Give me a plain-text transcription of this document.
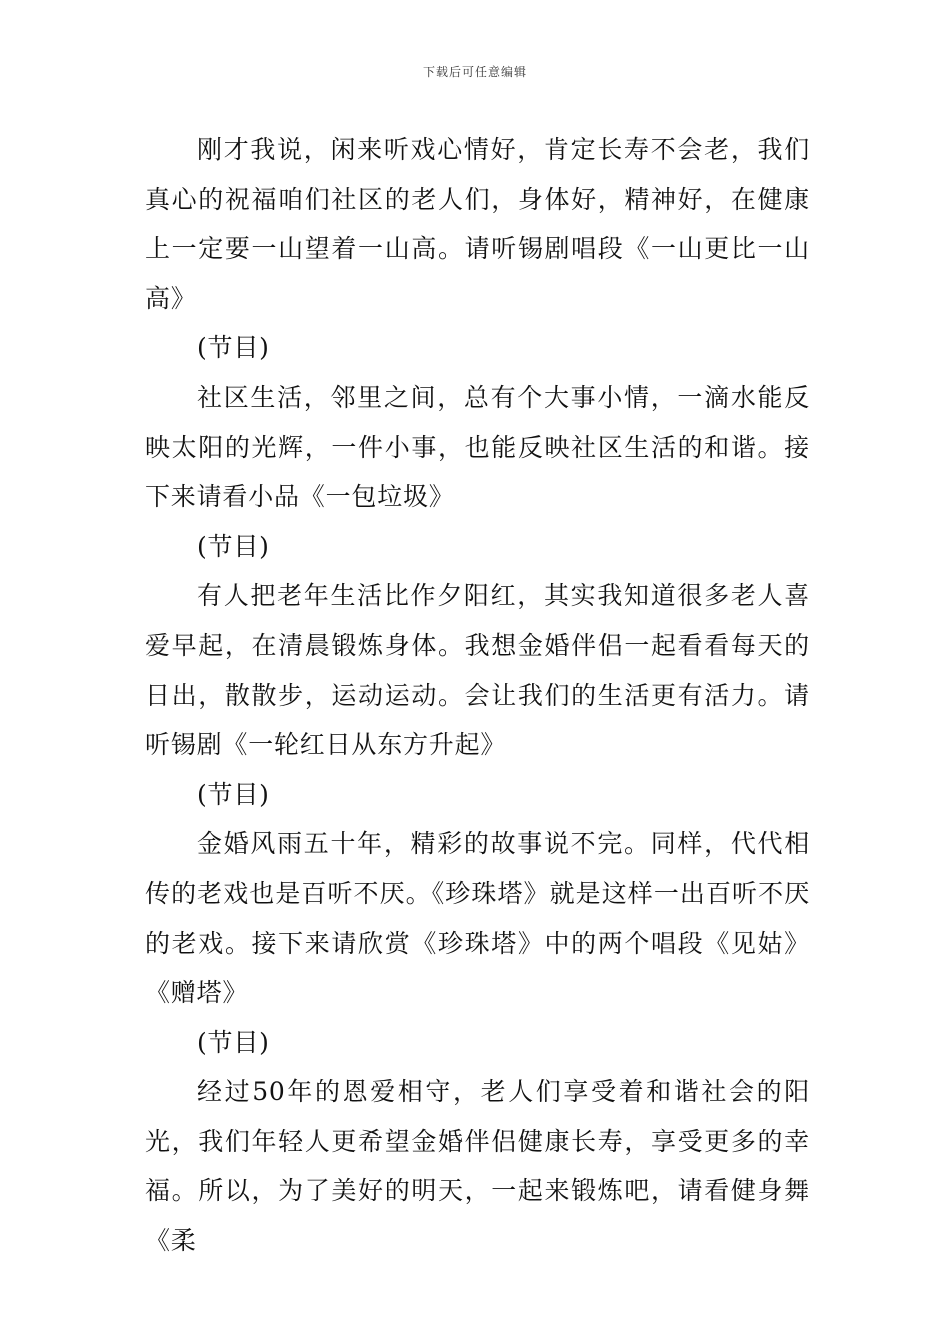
下载后可任意编辑

刚才我说，闲来听戏心情好，肯定长寿不会老，我们真心的祝福咱们社区的老人们，身体好，精神好，在健康上一定要一山望着一山高。请听锡剧唱段《一山更比一山高》

(节目)

社区生活，邻里之间，总有个大事小情，一滴水能反映太阳的光辉，一件小事，也能反映社区生活的和谐。接下来请看小品《一包垃圾》

(节目)

有人把老年生活比作夕阳红，其实我知道很多老人喜爱早起，在清晨锻炼身体。我想金婚伴侣一起看看每天的日出，散散步，运动运动。会让我们的生活更有活力。请听锡剧《一轮红日从东方升起》

(节目)

金婚风雨五十年，精彩的故事说不完。同样，代代相传的老戏也是百听不厌。《珍珠塔》就是这样一出百听不厌的老戏。接下来请欣赏《珍珠塔》中的两个唱段《见姑》《赠塔》

(节目)

经过50年的恩爱相守，老人们享受着和谐社会的阳光，我们年轻人更希望金婚伴侣健康长寿，享受更多的幸福。所以，为了美好的明天，一起来锻炼吧，请看健身舞《柔
